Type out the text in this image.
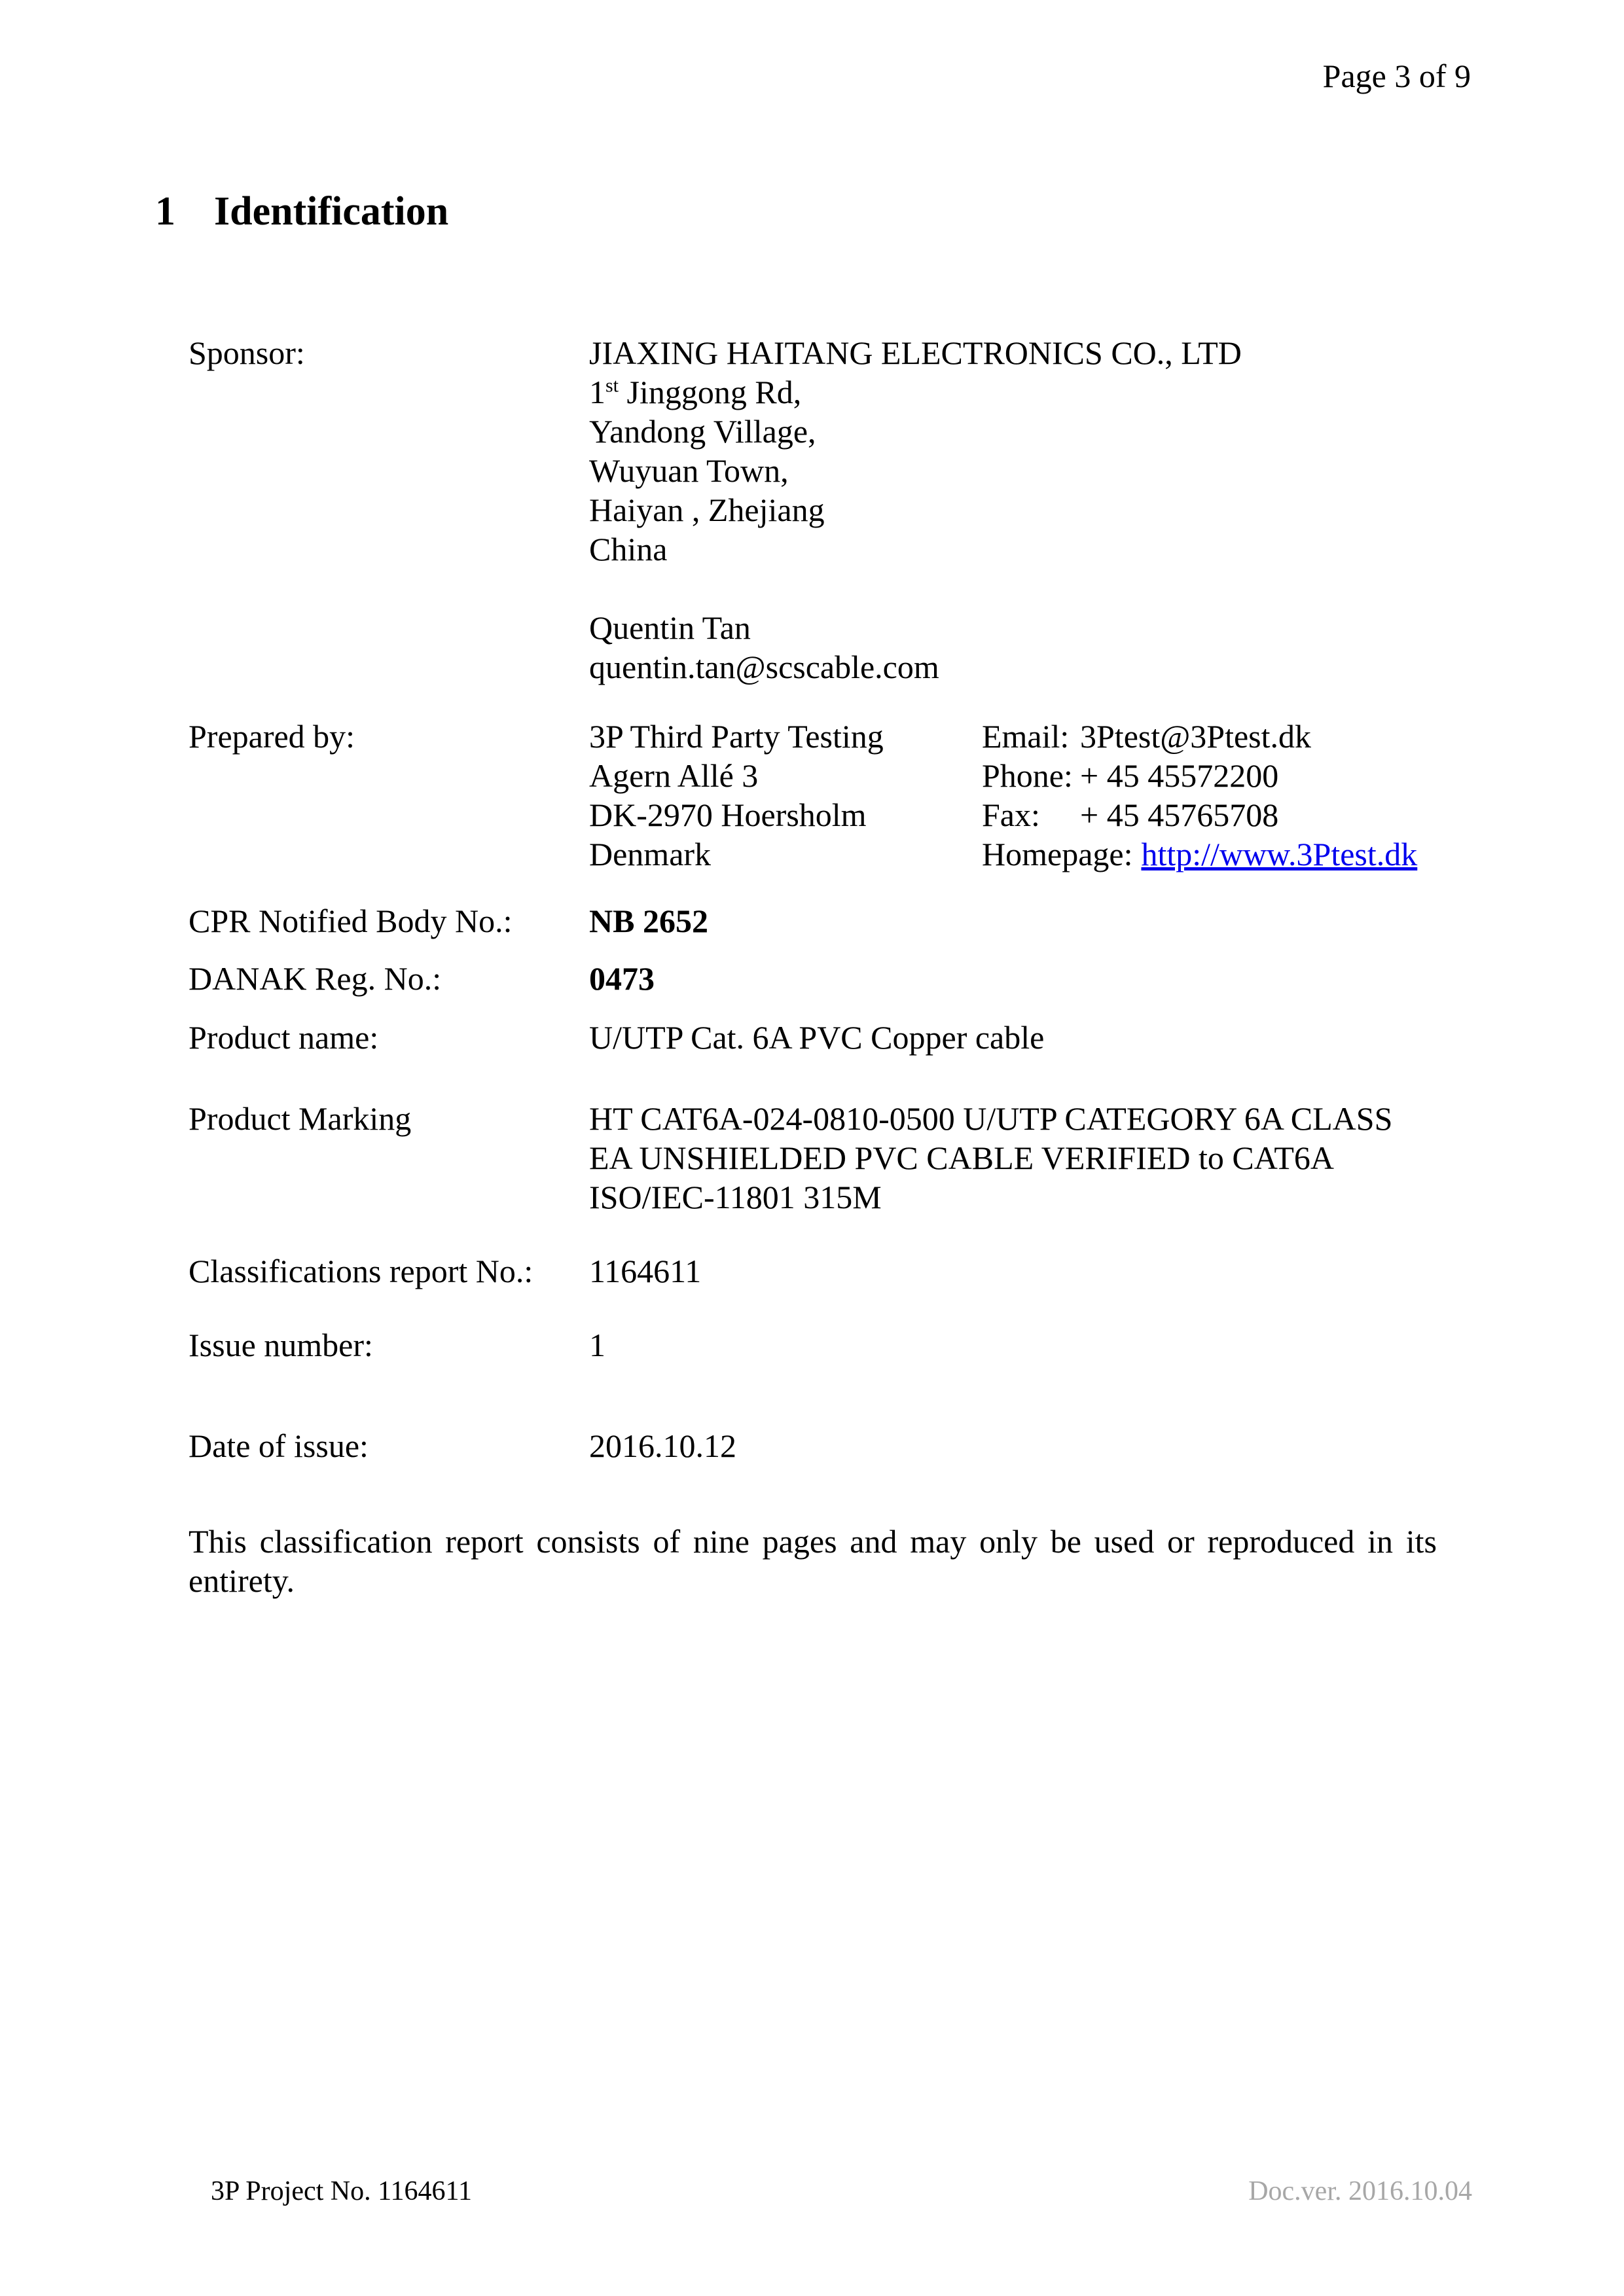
Page 3 of 9
1 Identification
Sponsor:	JIAXING HAITANG ELECTRONICS CO., LTD
1st Jinggong Rd,
Yandong Village,
Wuyuan Town,
Haiyan , Zhejiang
China
Quentin Tan
quentin.tan@scscable.com
Prepared by:	3P Third Party Testing
Agern Allé 3
DK-2970 Hoersholm
Denmark
Email: 3Ptest@3Ptest.dk
Phone: + 45 45572200
Fax: + 45 45765708
Homepage: http://www.3Ptest.dk
CPR Notified Body No.:	NB 2652
DANAK Reg. No.:	0473
Product name:	U/UTP Cat. 6A PVC Copper cable
Product Marking	HT CAT6A-024-0810-0500 U/UTP CATEGORY 6A CLASS
EA UNSHIELDED PVC CABLE VERIFIED to CAT6A
ISO/IEC-11801 315M
Classifications report No.:	1164611
Issue number:	1
Date of issue:	2016.10.12
This classification report consists of nine pages and may only be used or reproduced in its entirety.
3P Project No. 1164611	Doc.ver. 2016.10.04
